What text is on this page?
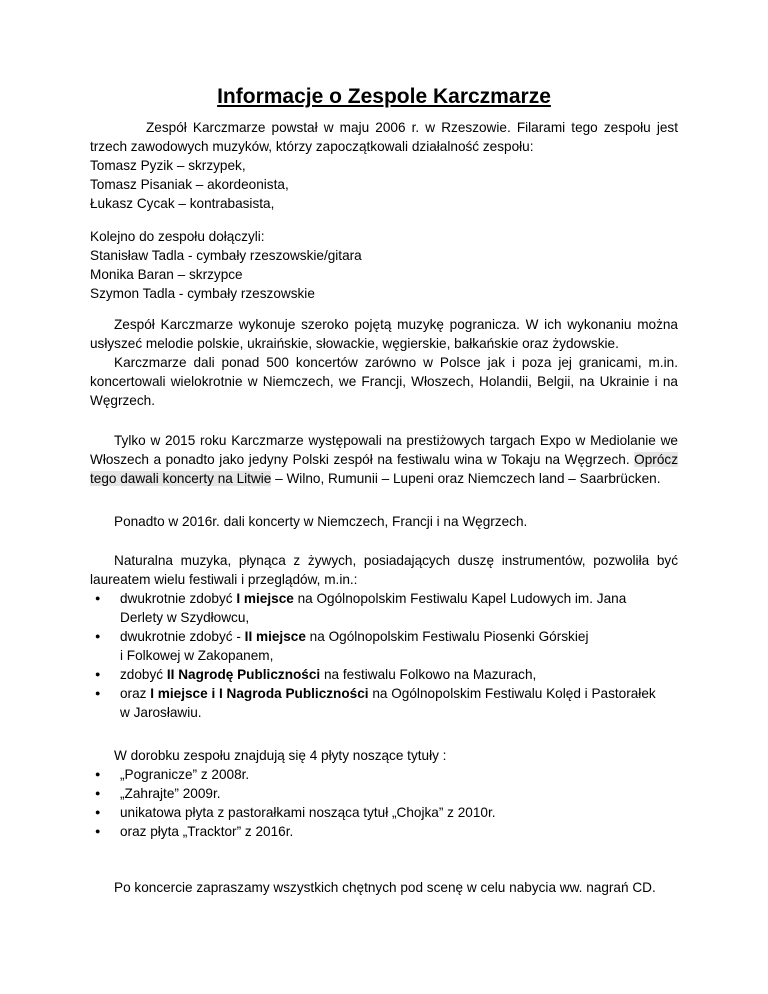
Informacje o Zespole Karczmarze

Zespół Karczmarze powstał w maju 2006 r. w Rzeszowie. Filarami tego zespołu jest trzech zawodowych muzyków, którzy zapoczątkowali działalność zespołu:

Tomasz Pyzik – skrzypek,
Tomasz Pisaniak – akordeonista,
Łukasz Cycak – kontrabasista,
Kolejno do zespołu dołączyli:
Stanisław Tadla - cymbały rzeszowskie/gitara
Monika Baran – skrzypce
Szymon Tadla - cymbały rzeszowskie

Zespół Karczmarze wykonuje szeroko pojętą muzykę pogranicza. W ich wykonaniu można usłyszeć melodie polskie, ukraińskie, słowackie, węgierskie, bałkańskie oraz żydowskie.

Karczmarze dali ponad 500 koncertów zarówno w Polsce jak i poza jej granicami, m.in. koncertowali wielokrotnie w Niemczech, we Francji, Włoszech, Holandii, Belgii, na Ukrainie i na Węgrzech.

Tylko w 2015 roku Karczmarze występowali na prestiżowych targach Expo w Mediolanie we Włoszech a ponadto jako jedyny Polski zespół na festiwalu wina w Tokaju na Węgrzech. Oprócz tego dawali koncerty na Litwie – Wilno, Rumunii – Lupeni oraz Niemczech land – Saarbrücken.

Ponadto w 2016r. dali koncerty w Niemczech, Francji i na Węgrzech.

Naturalna muzyka, płynąca z żywych, posiadających duszę instrumentów, pozwoliła być laureatem wielu festiwali i przeglądów, m.in.:

● dwukrotnie zdobyć I miejsce na Ogólnopolskim Festiwalu Kapel Ludowych im. Jana
Derlety w Szydłowcu,
● dwukrotnie zdobyć - II miejsce na Ogólnopolskim Festiwalu Piosenki Górskiej
i Folkowej w Zakopanem,
● zdobyć II Nagrodę Publiczności na festiwalu Folkowo na Mazurach,
● oraz I miejsce i I Nagroda Publiczności na Ogólnopolskim Festiwalu Kolęd i Pastorałek
w Jarosławiu.
W dorobku zespołu znajdują się 4 płyty noszące tytuły :
● „Pogranicze” z 2008r.
● „Zahrajte” 2009r.
● unikatowa płyta z pastorałkami nosząca tytuł „Chojka” z 2010r.
● oraz płyta „Tracktor” z 2016r.

Po koncercie zapraszamy wszystkich chętnych pod scenę w celu nabycia ww. nagrań CD.
